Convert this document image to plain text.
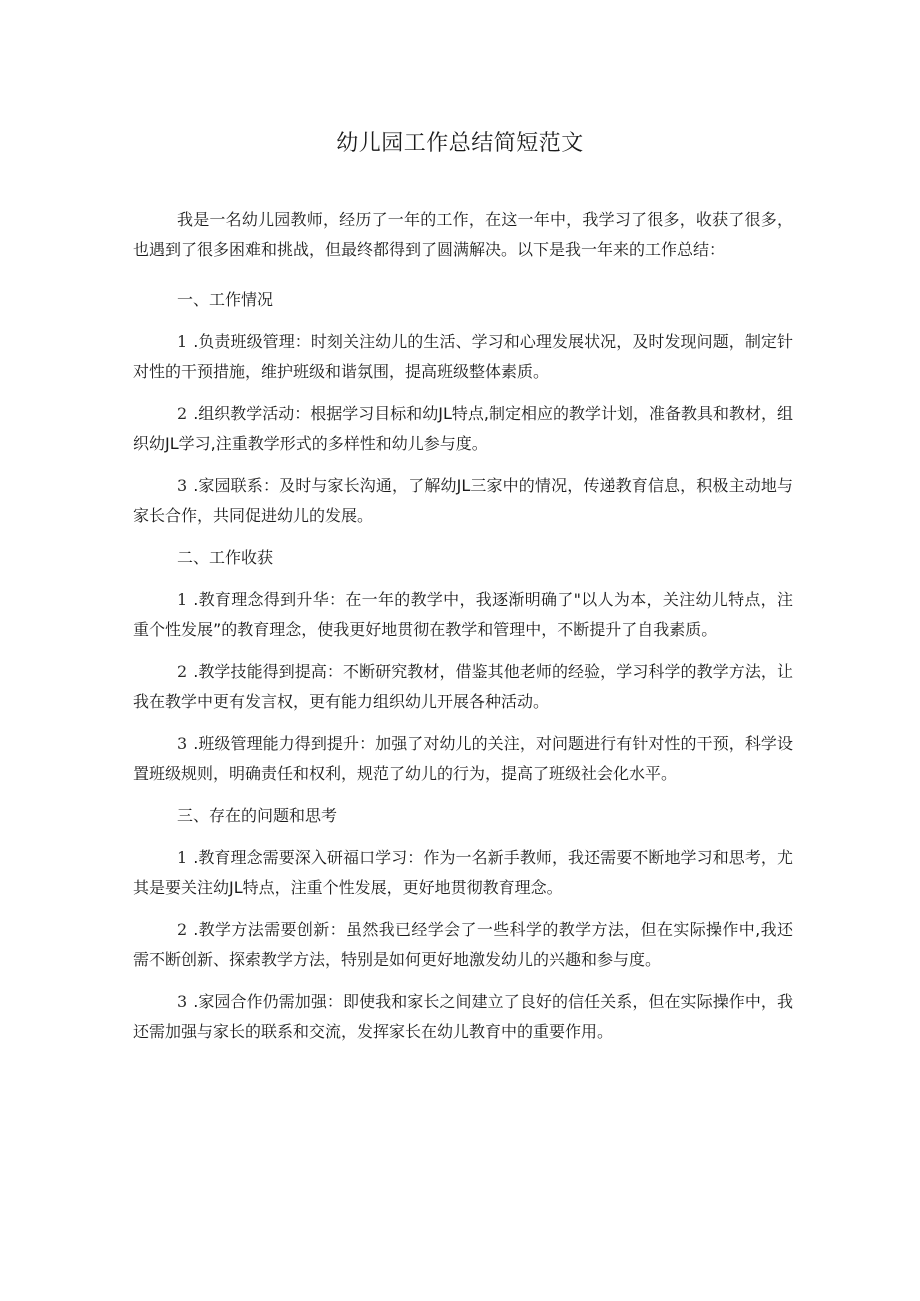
幼儿园工作总结简短范文

我是一名幼儿园教师，经历了一年的工作，在这一年中，我学习了很多，收获了很多，也遇到了很多困难和挑战，但最终都得到了圆满解决。以下是我一年来的工作总结：

一、工作情况

1 .负责班级管理：时刻关注幼儿的生活、学习和心理发展状况，及时发现问题，制定针对性的干预措施，维护班级和谐氛围，提高班级整体素质。

2 .组织教学活动：根据学习目标和幼JL特点,制定相应的教学计划，准备教具和教材，组织幼JL学习,注重教学形式的多样性和幼儿参与度。

3 .家园联系：及时与家长沟通，了解幼JL三家中的情况，传递教育信息，积极主动地与家长合作，共同促进幼儿的发展。

二、工作收获

1 .教育理念得到升华：在一年的教学中，我逐渐明确了"以人为本，关注幼儿特点，注重个性发展”的教育理念，使我更好地贯彻在教学和管理中，不断提升了自我素质。

2 .教学技能得到提高：不断研究教材，借鉴其他老师的经验，学习科学的教学方法，让我在教学中更有发言权，更有能力组织幼儿开展各种活动。

3 .班级管理能力得到提升：加强了对幼儿的关注，对问题进行有针对性的干预，科学设置班级规则，明确责任和权利，规范了幼儿的行为，提高了班级社会化水平。

三、存在的问题和思考

1 .教育理念需要深入研福口学习：作为一名新手教师，我还需要不断地学习和思考，尤其是要关注幼JL特点，注重个性发展，更好地贯彻教育理念。

2 .教学方法需要创新：虽然我已经学会了一些科学的教学方法，但在实际操作中,我还需不断创新、探索教学方法，特别是如何更好地激发幼儿的兴趣和参与度。

3 .家园合作仍需加强：即使我和家长之间建立了良好的信任关系，但在实际操作中，我还需加强与家长的联系和交流，发挥家长在幼儿教育中的重要作用。
